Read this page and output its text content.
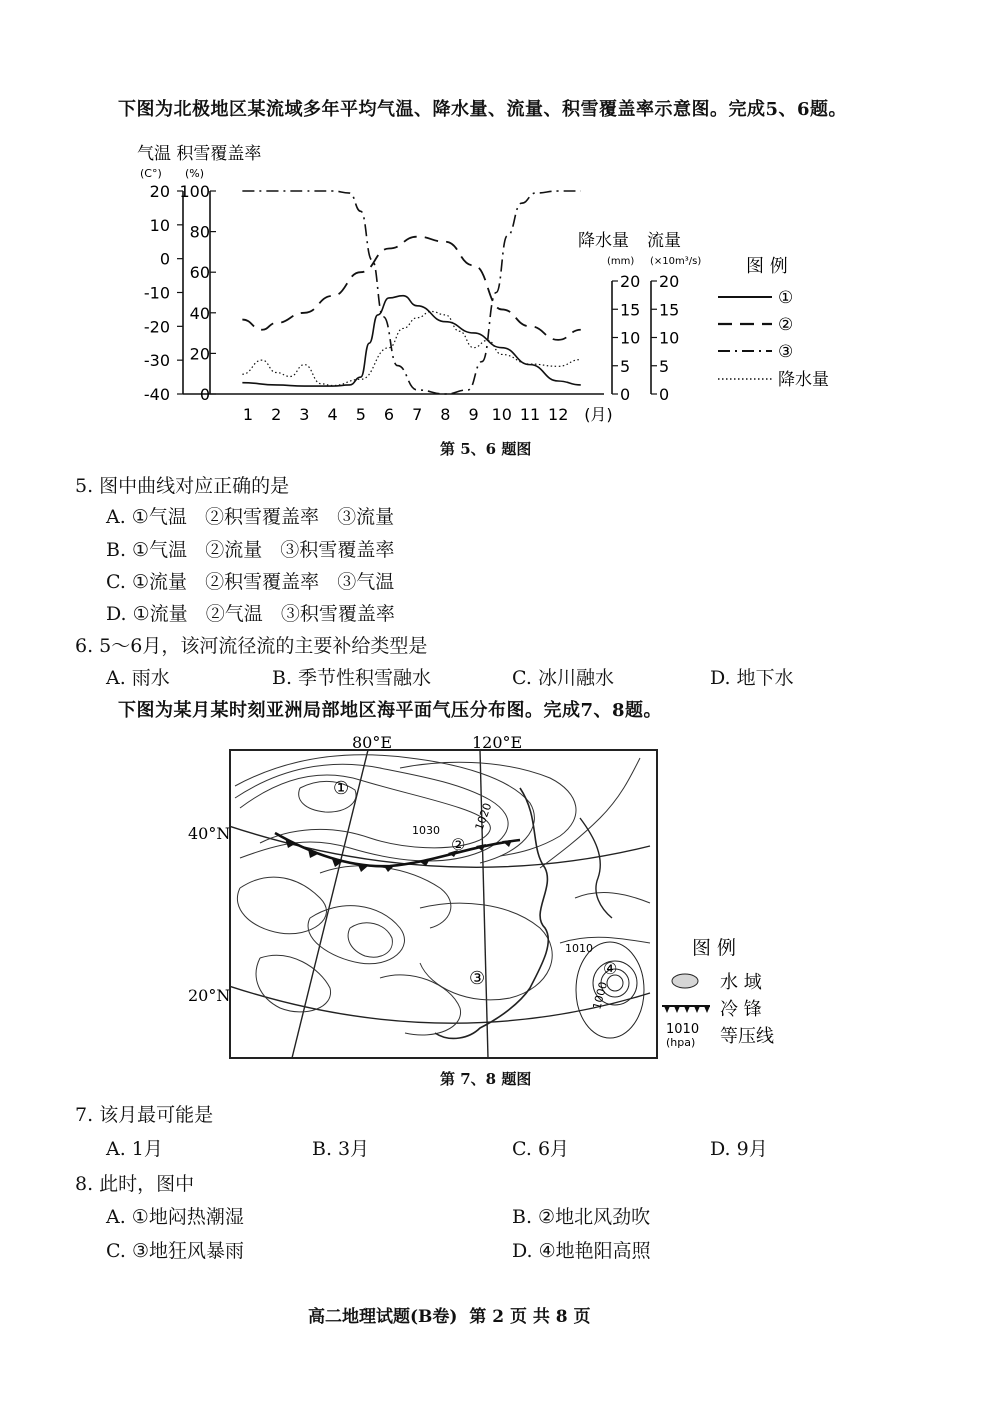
下图为北极地区某流域多年平均气温、降水量、流量、积雪覆盖率示意图。完成5、6题。
气温 积雪覆盖率
(C°) (%)
20
10
0
-10
-20
-30
-40
100
80
60
40
20
0
1 2 3 4 5 6 7 8 9 10 11 12 (月)
降水量 流量
(mm) (×10m³/s)
20
15
10
5
0
20
15
10
5
0
图 例
①
②
③
降水量
第 5、6 题图
5. 图中曲线对应正确的是
A. ①气温   ②积雪覆盖率   ③流量
B. ①气温   ②流量   ③积雪覆盖率
C. ①流量   ②积雪覆盖率   ③气温
D. ①流量   ②气温   ③积雪覆盖率
6. 5～6月，该河流径流的主要补给类型是
A. 雨水	B. 季节性积雪融水	C. 冰川融水	D. 地下水
下图为某月某时刻亚洲局部地区海平面气压分布图。完成7、8题。
80°E	120°E
40°N
20°N
1030	1020
1010
1000
①
②
③	④
图 例
水 域
冷 锋
1010
(hpa) 等压线
第 7、8 题图
7. 该月最可能是
A. 1月	B. 3月	C. 6月	D. 9月
8. 此时，图中
A. ①地闷热潮湿	B. ②地北风劲吹
C. ③地狂风暴雨	D. ④地艳阳高照
高二地理试题(B卷)  第 2 页 共 8 页
